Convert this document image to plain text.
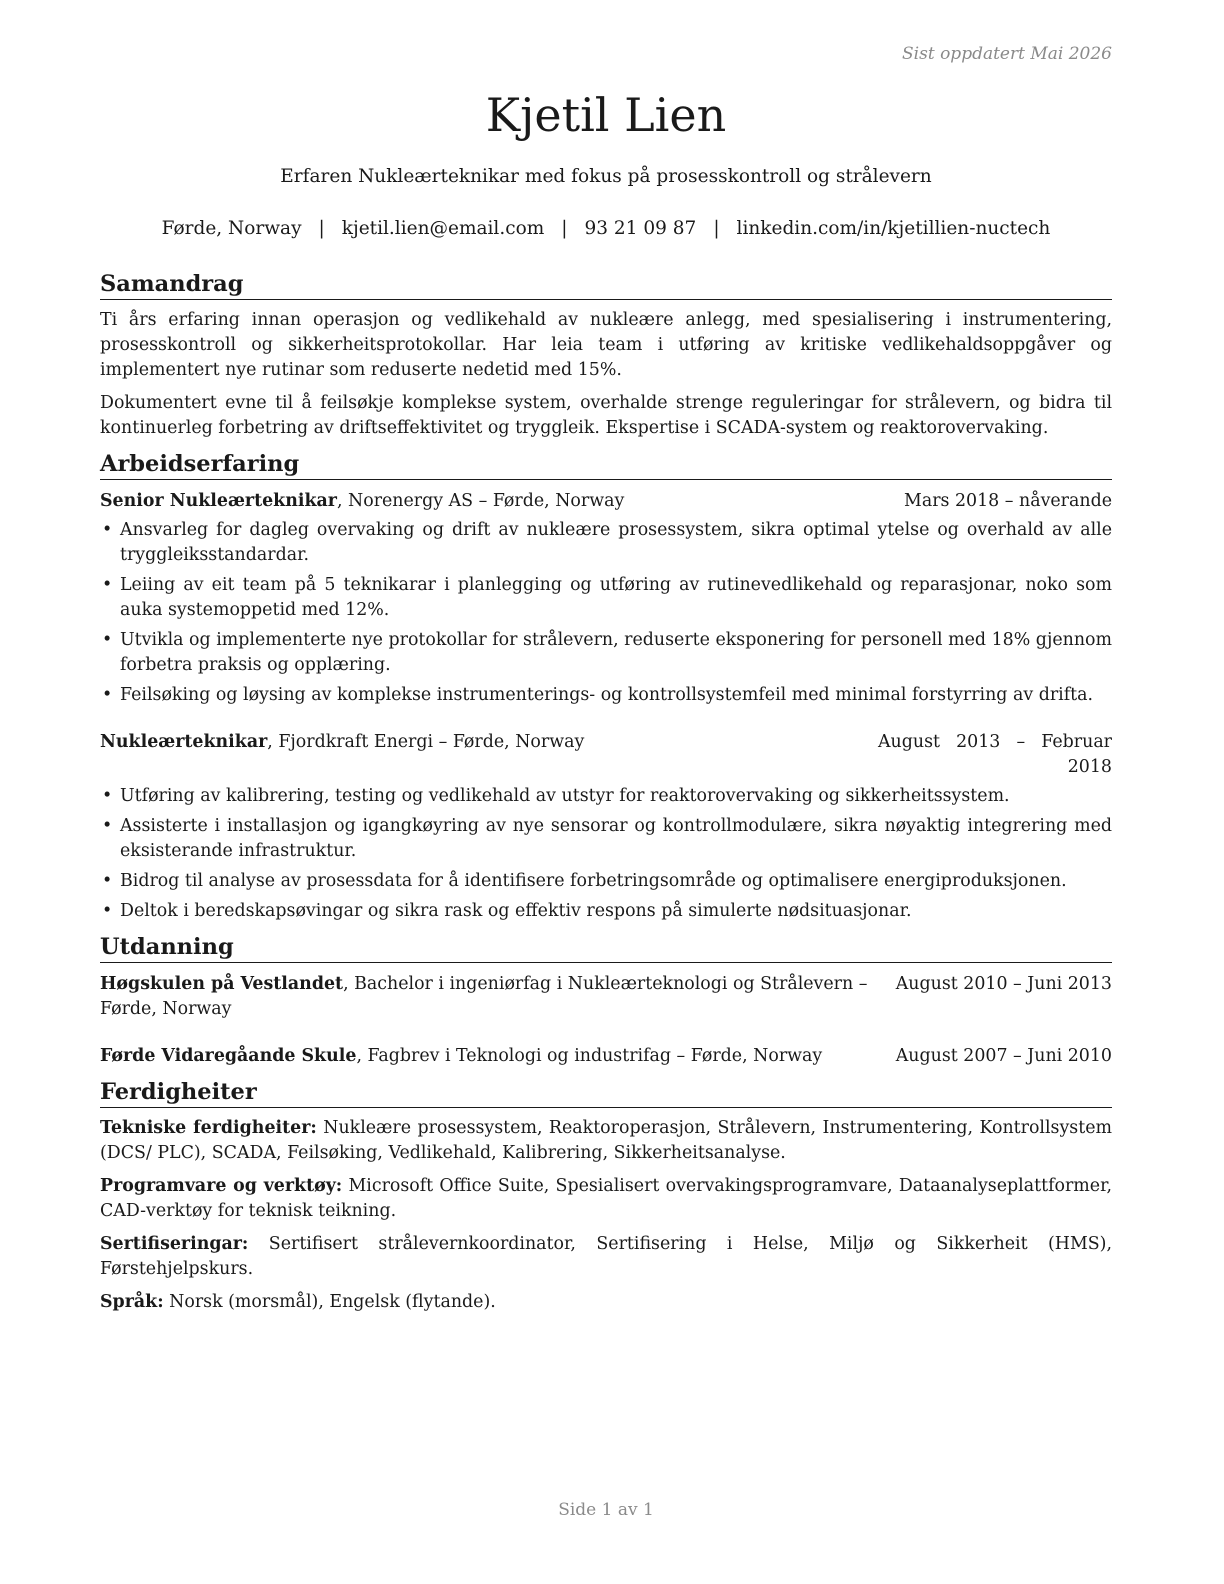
Sist oppdatert Mai 2026
Kjetil Lien

Erfaren Nukleærteknikar med fokus på prosesskontroll og strålevern

Førde, Norway | kjetil.lien@email.com | 93 21 09 87 | linkedin.com/in/kjetillien-nuctech
Samandrag

Ti års erfaring innan operasjon og vedlikehald av nukleære anlegg, med spesialisering i instrumentering, prosesskontroll og sikkerheitsprotokollar. Har leia team i utføring av kritiske vedlikehaldsoppgåver og implementert nye rutinar som reduserte nedetid med 15%.

Dokumentert evne til å feilsøkje komplekse system, overhalde strenge reguleringar for strålevern, og bidra til kontinuerleg forbetring av driftseffektivitet og tryggleik. Ekspertise i SCADA-system og reaktorovervaking.

Arbeidserfaring
Senior Nukleærteknikar, Norenergy AS – Førde, Norway	Mars 2018 – nåverande
• Ansvarleg for dagleg overvaking og drift av nukleære prosessystem, sikra optimal ytelse og overhald av alle tryggleiksstandardar.
• Leiing av eit team på 5 teknikarar i planlegging og utføring av rutinevedlikehald og reparasjonar, noko som auka systemoppetid med 12%.
• Utvikla og implementerte nye protokollar for strålevern, reduserte eksponering for personell med 18% gjennom forbetra praksis og opplæring.
• Feilsøking og løysing av komplekse instrumenterings- og kontrollsystemfeil med minimal forstyrring av drifta.
Nukleærteknikar, Fjordkraft Energi – Førde, Norway	August 2013 – Februar 2018
• Utføring av kalibrering, testing og vedlikehald av utstyr for reaktorovervaking og sikkerheitssystem.
• Assisterte i installasjon og igangkøyring av nye sensorar og kontrollmodulære, sikra nøyaktig integrering med eksisterande infrastruktur.
• Bidrog til analyse av prosessdata for å identifisere forbetringsområde og optimalisere energiproduksjonen.
• Deltok i beredskapsøvingar og sikra rask og effektiv respons på simulerte nødsituasjonar.
Utdanning
Høgskulen på Vestlandet, Bachelor i ingeniørfag i Nukleærteknologi og Strålevern – Førde, Norway
August 2010 – Juni 2013
Førde Vidaregåande Skule, Fagbrev i Teknologi og industrifag – Førde, Norway	August 2007 – Juni 2010
Ferdigheiter

Tekniske ferdigheiter: Nukleære prosessystem, Reaktoroperasjon, Strålevern, Instrumentering, Kontrollsystem (DCS/ PLC), SCADA, Feilsøking, Vedlikehald, Kalibrering, Sikkerheitsanalyse.

Programvare og verktøy: Microsoft Office Suite, Spesialisert overvakingsprogramvare, Dataanalyseplattformer, CAD-verktøy for teknisk teikning.

Sertifiseringar: Sertifisert strålevernkoordinator, Sertifisering i Helse, Miljø og Sikkerheit (HMS), Førstehjelpskurs.

Språk: Norsk (morsmål), Engelsk (flytande).

Side 1 av 1
